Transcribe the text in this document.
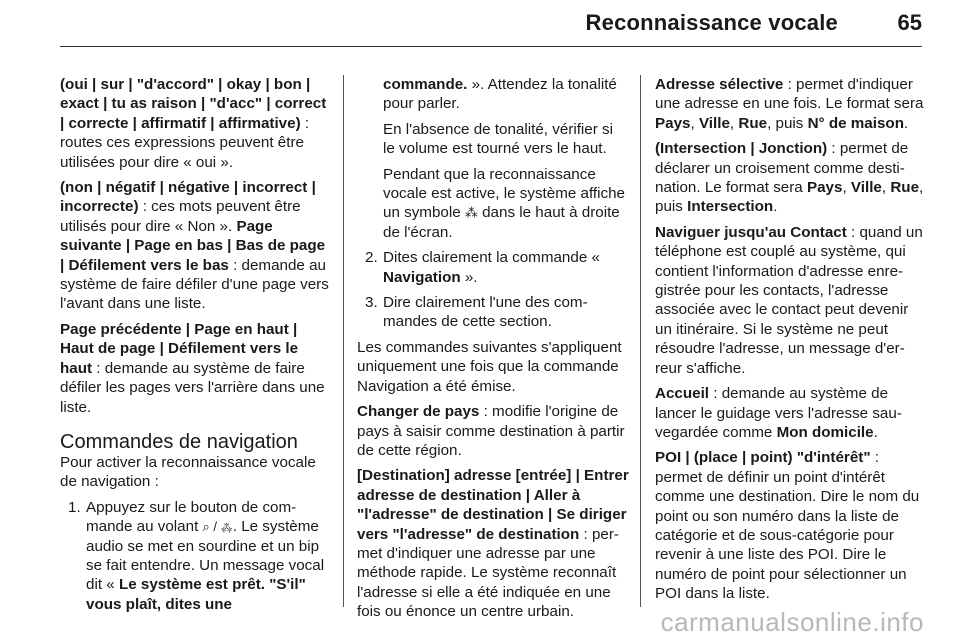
Reconnaissance vocale	65

(oui | sur | "d'accord" | okay | bon | exact | tu as raison | "d'acc" | correct | correcte | affirmatif | affirmative) : routes ces expressions peuvent être utilisées pour dire « oui ».

(non | négatif | négative | incorrect | incorrecte) : ces mots peuvent être utilisés pour dire « Non ». Page suivante | Page en bas | Bas de page | Défilement vers le bas : demande au système de faire défiler d'une page vers l'avant dans une liste.

Page précédente | Page en haut | Haut de page | Défilement vers le haut : demande au système de faire défiler les pages vers l'arrière dans une liste.

Commandes de navigation

Pour activer la reconnaissance vocale de navigation :

1. Appuyez sur le bouton de commande au volant ⌕ / ⁂. Le système audio se met en sourdine et un bip se fait entendre. Un message vocal dit « Le système est prêt. "S'il" vous plaît, dites une

commande. ». Attendez la tonalité pour parler.

En l'absence de tonalité, vérifier si le volume est tourné vers le haut.

Pendant que la reconnaissance vocale est active, le système affiche un symbole ⁂ dans le haut à droite de l'écran.

2. Dites clairement la commande « Navigation ».
3. Dire clairement l'une des commandes de cette section.

Les commandes suivantes s'appliquent uniquement une fois que la commande Navigation a été émise.

Changer de pays : modifie l'origine de pays à saisir comme destination à partir de cette région.

[Destination] adresse [entrée] | Entrer adresse de destination | Aller à "l'adresse" de destination | Se diriger vers "l'adresse" de destination : permet d'indiquer une adresse par une méthode rapide. Le système reconnaît l'adresse si elle a été indiquée en une fois ou énonce un centre urbain.

Adresse sélective : permet d'indiquer une adresse en une fois. Le format sera Pays, Ville, Rue, puis N° de maison.

(Intersection | Jonction) : permet de déclarer un croisement comme destination. Le format sera Pays, Ville, Rue, puis Intersection.

Naviguer jusqu'au Contact : quand un téléphone est couplé au système, qui contient l'information d'adresse enregistrée pour les contacts, l'adresse associée avec le contact peut devenir un itinéraire. Si le système ne peut résoudre l'adresse, un message d'erreur s'affiche.

Accueil : demande au système de lancer le guidage vers l'adresse sauvegardée comme Mon domicile.

POI | (place | point) "d'intérêt" : permet de définir un point d'intérêt comme une destination. Dire le nom du point ou son numéro dans la liste de catégorie et de sous-catégorie pour revenir à une liste des POI. Dire le numéro de point pour sélectionner un POI dans la liste.

carmanualsonline.info
